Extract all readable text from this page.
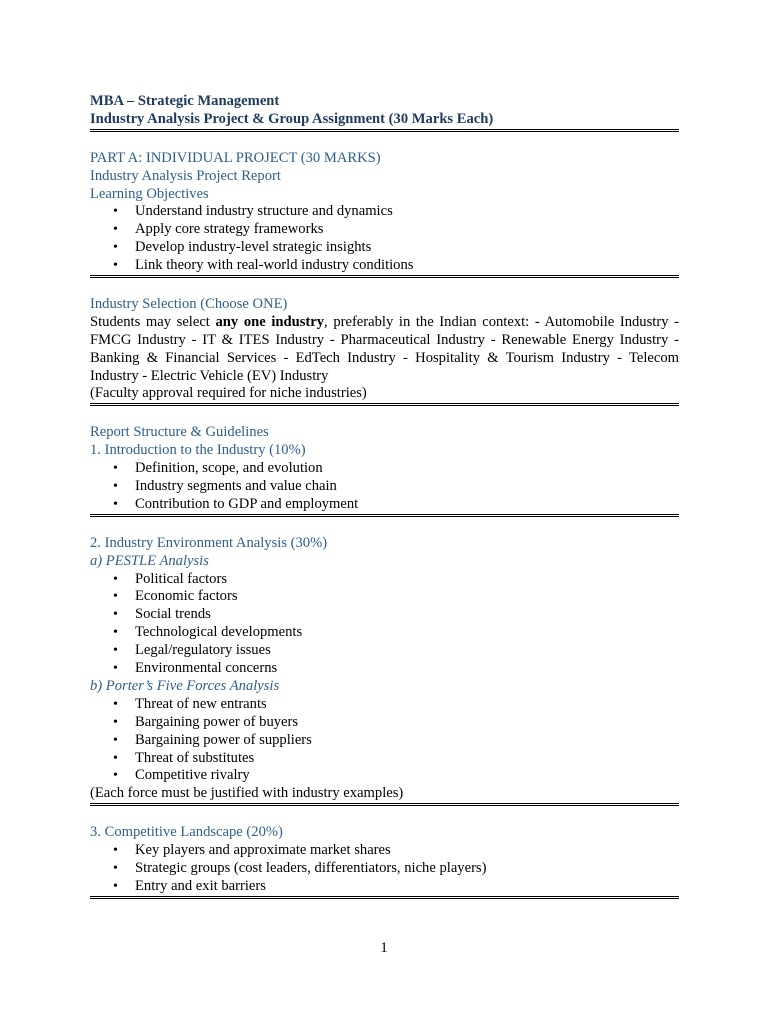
MBA – Strategic Management
Industry Analysis Project & Group Assignment (30 Marks Each)
PART A: INDIVIDUAL PROJECT (30 MARKS)
Industry Analysis Project Report
Learning Objectives
• Understand industry structure and dynamics
• Apply core strategy frameworks
• Develop industry-level strategic insights
• Link theory with real-world industry conditions
Industry Selection (Choose ONE)
Students may select any one industry, preferably in the Indian context: - Automobile Industry - FMCG Industry - IT & ITES Industry - Pharmaceutical Industry - Renewable Energy Industry - Banking & Financial Services - EdTech Industry - Hospitality & Tourism Industry - Telecom Industry - Electric Vehicle (EV) Industry
(Faculty approval required for niche industries)
Report Structure & Guidelines
1. Introduction to the Industry (10%)
• Definition, scope, and evolution
• Industry segments and value chain
• Contribution to GDP and employment
2. Industry Environment Analysis (30%)
a) PESTLE Analysis
• Political factors
• Economic factors
• Social trends
• Technological developments
• Legal/regulatory issues
• Environmental concerns
b) Porter’s Five Forces Analysis
• Threat of new entrants
• Bargaining power of buyers
• Bargaining power of suppliers
• Threat of substitutes
• Competitive rivalry
(Each force must be justified with industry examples)
3. Competitive Landscape (20%)
• Key players and approximate market shares
• Strategic groups (cost leaders, differentiators, niche players)
• Entry and exit barriers
1
